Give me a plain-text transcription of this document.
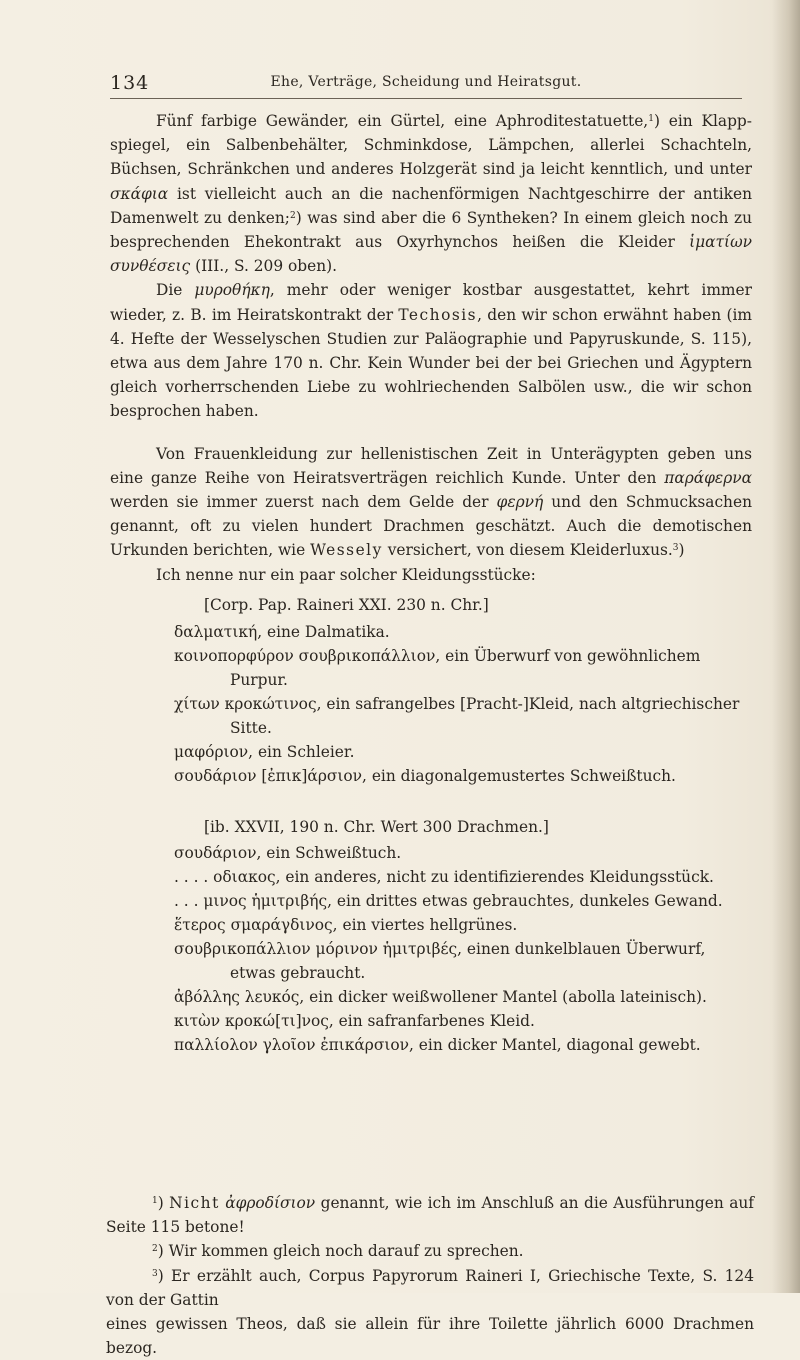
134	Ehe, Verträge, Scheidung und Heiratsgut.

Fünf farbige Gewänder, ein Gürtel, eine Aphroditestatuette,$^1$) ein Klappspiegel, ein Salbenbehälter, Schminkdose, Lämpchen, allerlei Schachteln, Büchsen, Schränkchen und anderes Holzgerät sind ja leicht kenntlich, und unter σκάφια ist vielleicht auch an die nachenförmigen Nachtgeschirre der antiken Damenwelt zu denken;$^2$) was sind aber die 6 Syntheken? In einem gleich noch zu besprechenden Ehekontrakt aus Oxyrhynchos heißen die Kleider ἱματίων συνθέσεις (III., S. 209 oben).

Die μυροθήκη, mehr oder weniger kostbar ausgestattet, kehrt immer wieder, z. B. im Heiratskontrakt der Techosis, den wir schon erwähnt haben (im 4. Hefte der Wesselyschen Studien zur Paläographie und Papyruskunde, S. 115), etwa aus dem Jahre 170 n. Chr. Kein Wunder bei der bei Griechen und Ägyptern gleich vorherrschenden Liebe zu wohlriechenden Salbölen usw., die wir schon besprochen haben.

Von Frauenkleidung zur hellenistischen Zeit in Unterägypten geben uns eine ganze Reihe von Heiratsverträgen reichlich Kunde. Unter den παράφερνα werden sie immer zuerst nach dem Gelde der φερνή und den Schmucksachen genannt, oft zu vielen hundert Drachmen geschätzt. Auch die demotischen Urkunden berichten, wie Wessely versichert, von diesem Kleiderluxus.$^3$)

Ich nenne nur ein paar solcher Kleidungsstücke:

[Corp. Pap. Raineri XXI. 230 n. Chr.]
δαλματική, eine Dalmatika.
κοινοπορφύρον σουβρικοπάλλιον, ein Überwurf von gewöhnlichem
Purpur.
χίτων κροκώτινος, ein safrangelbes [Pracht-]Kleid, nach altgriechischer
Sitte.
μαφόριον, ein Schleier.
σουδάριον [ἐπικ]άρσιον, ein diagonalgemustertes Schweißtuch.
[ib. XXVII, 190 n. Chr. Wert 300 Drachmen.]
σουδάριον, ein Schweißtuch.
. . . . οδιακος, ein anderes, nicht zu identifizierendes Kleidungsstück.
. . . μινος ἡμιτριβής, ein drittes etwas gebrauchtes, dunkeles Gewand.
ἕτερος σμαράγδινος, ein viertes hellgrünes.
σουβρικοπάλλιον μόρινον ἡμιτριβές, einen dunkelblauen Überwurf,
etwas gebraucht.
ἀβόλλης λευκός, ein dicker weißwollener Mantel (abolla lateinisch).
κιτὼν κροκώ[τι]νος, ein safranfarbenes Kleid.
παλλίολον γλοῖον ἐπικάρσιον, ein dicker Mantel, diagonal gewebt.

$^1$) Nicht ἀφροδίσιον genannt, wie ich im Anschluß an die Ausführungen auf Seite 115 betone!

$^2$) Wir kommen gleich noch darauf zu sprechen.

$^3$) Er erzählt auch, Corpus Papyrorum Raineri I, Griechische Texte, S. 124 von der Gattin

eines gewissen Theos, daß sie allein für ihre Toilette jährlich 6000 Drachmen bezog.
